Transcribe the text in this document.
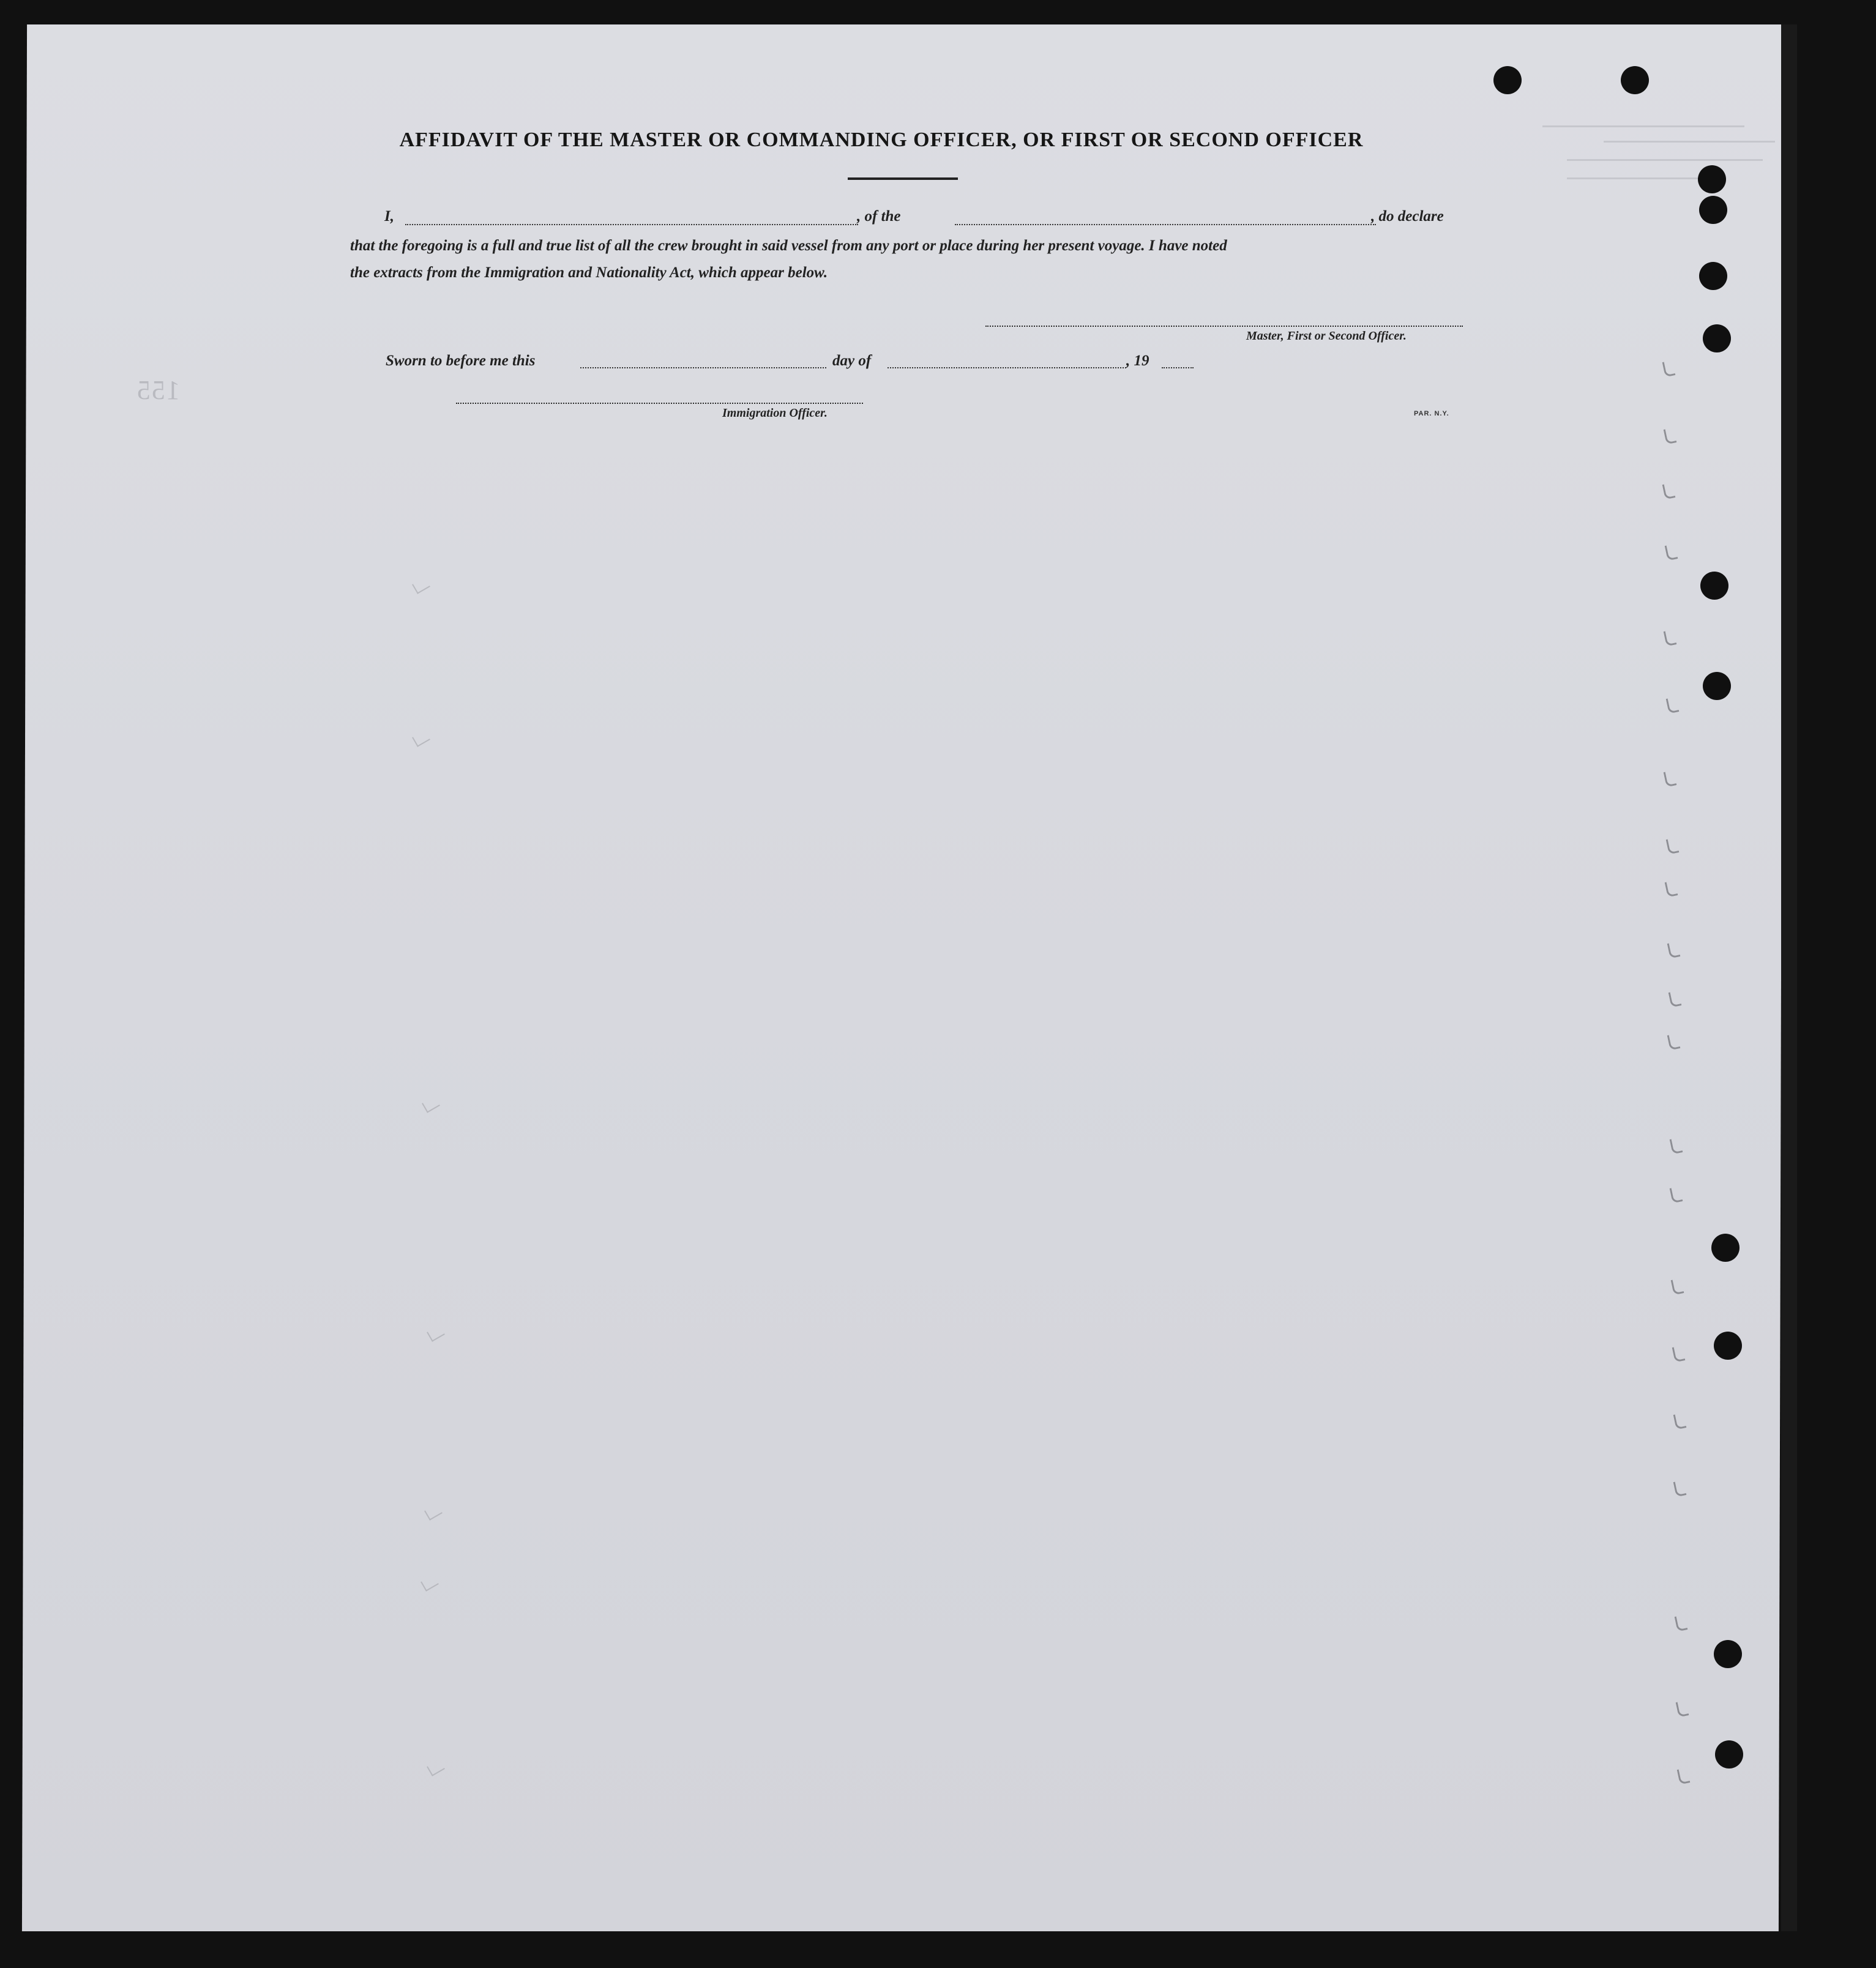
155
AFFIDAVIT OF THE MASTER OR COMMANDING OFFICER, OR FIRST OR SECOND OFFICER
I,	, of the	, do declare
that the foregoing is a full and true list of all the crew brought in said vessel from any port or place during her present voyage. I have noted
the extracts from the Immigration and Nationality Act, which appear below.
Master, First or Second Officer.
Sworn to before me this	day of	, 19
Immigration Officer.	PAR. N.Y.
